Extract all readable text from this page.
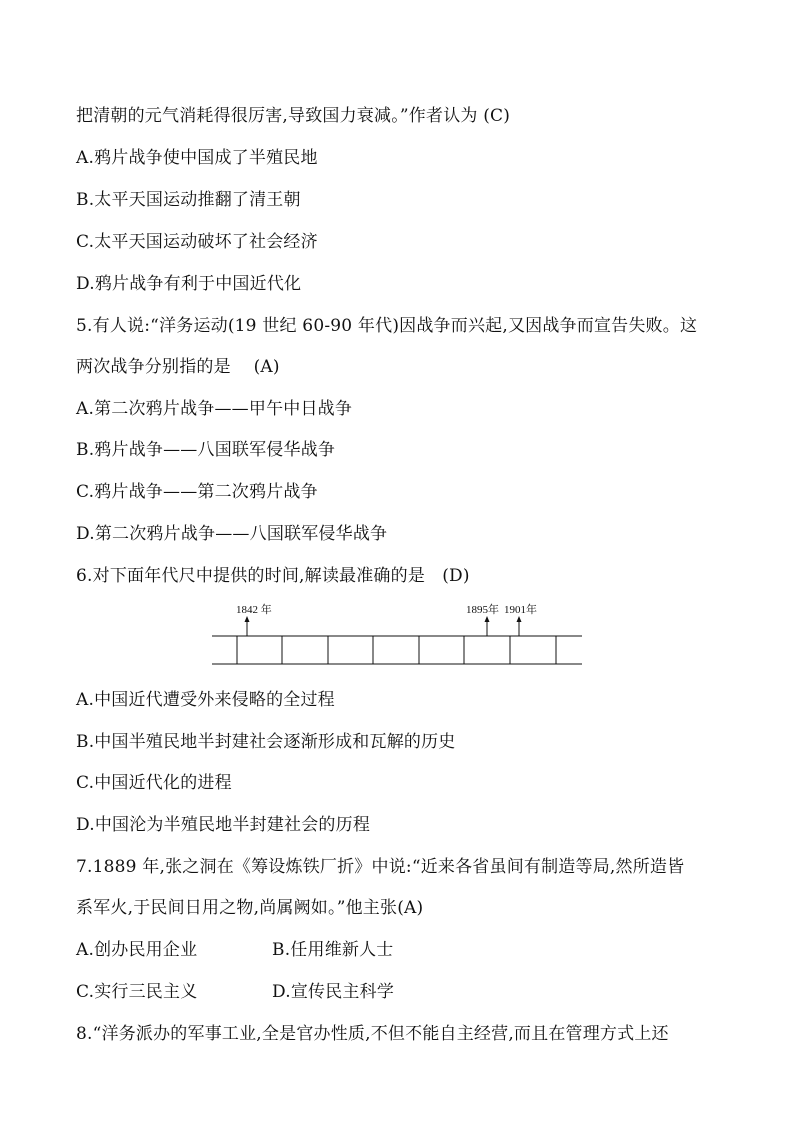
把清朝的元气消耗得很厉害,导致国力衰减。”作者认为 (C)
A.鸦片战争使中国成了半殖民地
B.太平天国运动推翻了清王朝
C.太平天国运动破坏了社会经济
D.鸦片战争有利于中国近代化
5.有人说:“洋务运动(19 世纪 60-90 年代)因战争而兴起,又因战争而宣告失败。这
两次战争分别指的是　 (A)
A.第二次鸦片战争——甲午中日战争
B.鸦片战争——八国联军侵华战争
C.鸦片战争——第二次鸦片战争
D.第二次鸦片战争——八国联军侵华战争
6.对下面年代尺中提供的时间,解读最准确的是　(D)
1842 年	1895年 1901年
A.中国近代遭受外来侵略的全过程
B.中国半殖民地半封建社会逐渐形成和瓦解的历史
C.中国近代化的进程
D.中国沦为半殖民地半封建社会的历程
7.1889 年,张之洞在《筹设炼铁厂折》中说:“近来各省虽间有制造等局,然所造皆
系军火,于民间日用之物,尚属阙如。”他主张(A)
A.创办民用企业	B.任用维新人士
C.实行三民主义	D.宣传民主科学
8.“洋务派办的军事工业,全是官办性质,不但不能自主经营,而且在管理方式上还
